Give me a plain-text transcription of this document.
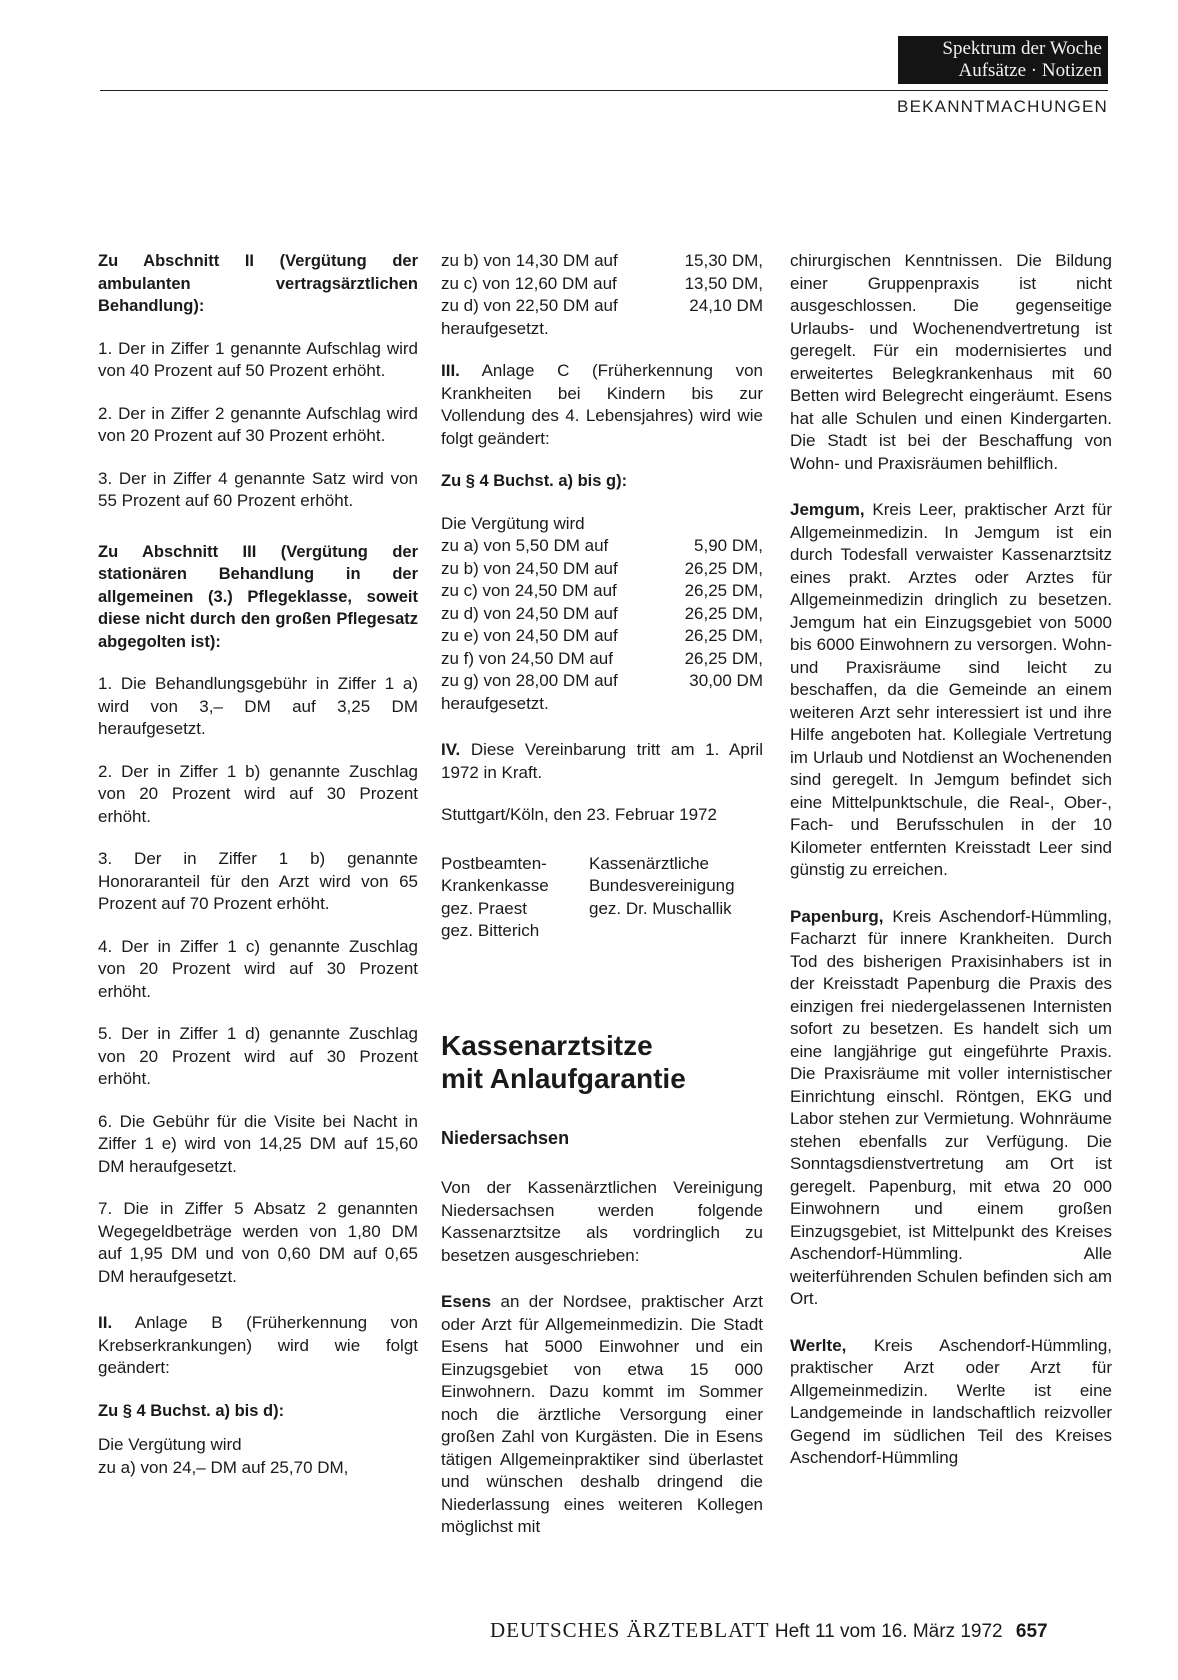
Spektrum der Woche
Aufsätze · Notizen
BEKANNTMACHUNGEN
Zu Abschnitt II (Vergütung der ambulanten vertragsärztlichen Behandlung):

1. Der in Ziffer 1 genannte Aufschlag wird von 40 Prozent auf 50 Prozent erhöht.

2. Der in Ziffer 2 genannte Aufschlag wird von 20 Prozent auf 30 Prozent erhöht.

3. Der in Ziffer 4 genannte Satz wird von 55 Prozent auf 60 Prozent erhöht.

Zu Abschnitt III (Vergütung der stationären Behandlung in der allgemeinen (3.) Pflegeklasse, soweit diese nicht durch den großen Pflegesatz abgegolten ist):

1. Die Behandlungsgebühr in Ziffer 1 a) wird von 3,– DM auf 3,25 DM heraufgesetzt.

2. Der in Ziffer 1 b) genannte Zuschlag von 20 Prozent wird auf 30 Prozent erhöht.

3. Der in Ziffer 1 b) genannte Honoraranteil für den Arzt wird von 65 Prozent auf 70 Prozent erhöht.

4. Der in Ziffer 1 c) genannte Zuschlag von 20 Prozent wird auf 30 Prozent erhöht.

5. Der in Ziffer 1 d) genannte Zuschlag von 20 Prozent wird auf 30 Prozent erhöht.

6. Die Gebühr für die Visite bei Nacht in Ziffer 1 e) wird von 14,25 DM auf 15,60 DM heraufgesetzt.

7. Die in Ziffer 5 Absatz 2 genannten Wegegeldbeträge werden von 1,80 DM auf 1,95 DM und von 0,60 DM auf 0,65 DM heraufgesetzt.

II. Anlage B (Früherkennung von Krebserkrankungen) wird wie folgt geändert:

Zu § 4 Buchst. a) bis d):

Die Vergütung wird

zu a) von 24,– DM auf 25,70 DM,

zu b) von 14,30 DM auf	15,30 DM,
zu c) von 12,60 DM auf	13,50 DM,
zu d) von 22,50 DM auf	24,10 DM

heraufgesetzt.

III. Anlage C (Früherkennung von Krankheiten bei Kindern bis zur Vollendung des 4. Lebensjahres) wird wie folgt geändert:

Zu § 4 Buchst. a) bis g):

Die Vergütung wird

zu a) von 5,50 DM auf	5,90 DM,
zu b) von 24,50 DM auf	26,25 DM,
zu c) von 24,50 DM auf	26,25 DM,
zu d) von 24,50 DM auf	26,25 DM,
zu e) von 24,50 DM auf	26,25 DM,
zu f) von 24,50 DM auf	26,25 DM,
zu g) von 28,00 DM auf	30,00 DM

heraufgesetzt.

IV. Diese Vereinbarung tritt am 1. April 1972 in Kraft.

Stuttgart/Köln, den 23. Februar 1972

Postbeamten-	Kassenärztliche
Krankenkasse	Bundesvereinigung
gez. Praest	gez. Dr. Muschallik
gez. Bitterich
Kassenarztsitze
mit Anlaufgarantie
Niedersachsen

Von der Kassenärztlichen Vereinigung Niedersachsen werden folgende Kassenarztsitze als vordringlich zu besetzen ausgeschrieben:

Esens an der Nordsee, praktischer Arzt oder Arzt für Allgemeinmedizin. Die Stadt Esens hat 5000 Einwohner und ein Einzugsgebiet von etwa 15 000 Einwohnern. Dazu kommt im Sommer noch die ärztliche Versorgung einer großen Zahl von Kurgästen. Die in Esens tätigen Allgemeinpraktiker sind überlastet und wünschen deshalb dringend die Niederlassung eines weiteren Kollegen möglichst mit

chirurgischen Kenntnissen. Die Bildung einer Gruppenpraxis ist nicht ausgeschlossen. Die gegenseitige Urlaubs- und Wochenendvertretung ist geregelt. Für ein modernisiertes und erweitertes Belegkrankenhaus mit 60 Betten wird Belegrecht eingeräumt. Esens hat alle Schulen und einen Kindergarten. Die Stadt ist bei der Beschaffung von Wohn- und Praxisräumen behilflich.

Jemgum, Kreis Leer, praktischer Arzt für Allgemeinmedizin. In Jemgum ist ein durch Todesfall verwaister Kassenarztsitz eines prakt. Arztes oder Arztes für Allgemeinmedizin dringlich zu besetzen. Jemgum hat ein Einzugsgebiet von 5000 bis 6000 Einwohnern zu versorgen. Wohn- und Praxisräume sind leicht zu beschaffen, da die Gemeinde an einem weiteren Arzt sehr interessiert ist und ihre Hilfe angeboten hat. Kollegiale Vertretung im Urlaub und Notdienst an Wochenenden sind geregelt. In Jemgum befindet sich eine Mittelpunktschule, die Real-, Ober-, Fach- und Berufsschulen in der 10 Kilometer entfernten Kreisstadt Leer sind günstig zu erreichen.

Papenburg, Kreis Aschendorf-Hümmling, Facharzt für innere Krankheiten. Durch Tod des bisherigen Praxisinhabers ist in der Kreisstadt Papenburg die Praxis des einzigen frei niedergelassenen Internisten sofort zu besetzen. Es handelt sich um eine langjährige gut eingeführte Praxis. Die Praxisräume mit voller internistischer Einrichtung einschl. Röntgen, EKG und Labor stehen zur Vermietung. Wohnräume stehen ebenfalls zur Verfügung. Die Sonntagsdienstvertretung am Ort ist geregelt. Papenburg, mit etwa 20 000 Einwohnern und einem großen Einzugsgebiet, ist Mittelpunkt des Kreises Aschendorf-Hümmling. Alle weiterführenden Schulen befinden sich am Ort.

Werlte, Kreis Aschendorf-Hümmling, praktischer Arzt oder Arzt für Allgemeinmedizin. Werlte ist eine Landgemeinde in landschaftlich reizvoller Gegend im südlichen Teil des Kreises Aschendorf-Hümmling

DEUTSCHES ÄRZTEBLATT Heft 11 vom 16. März 1972 657
